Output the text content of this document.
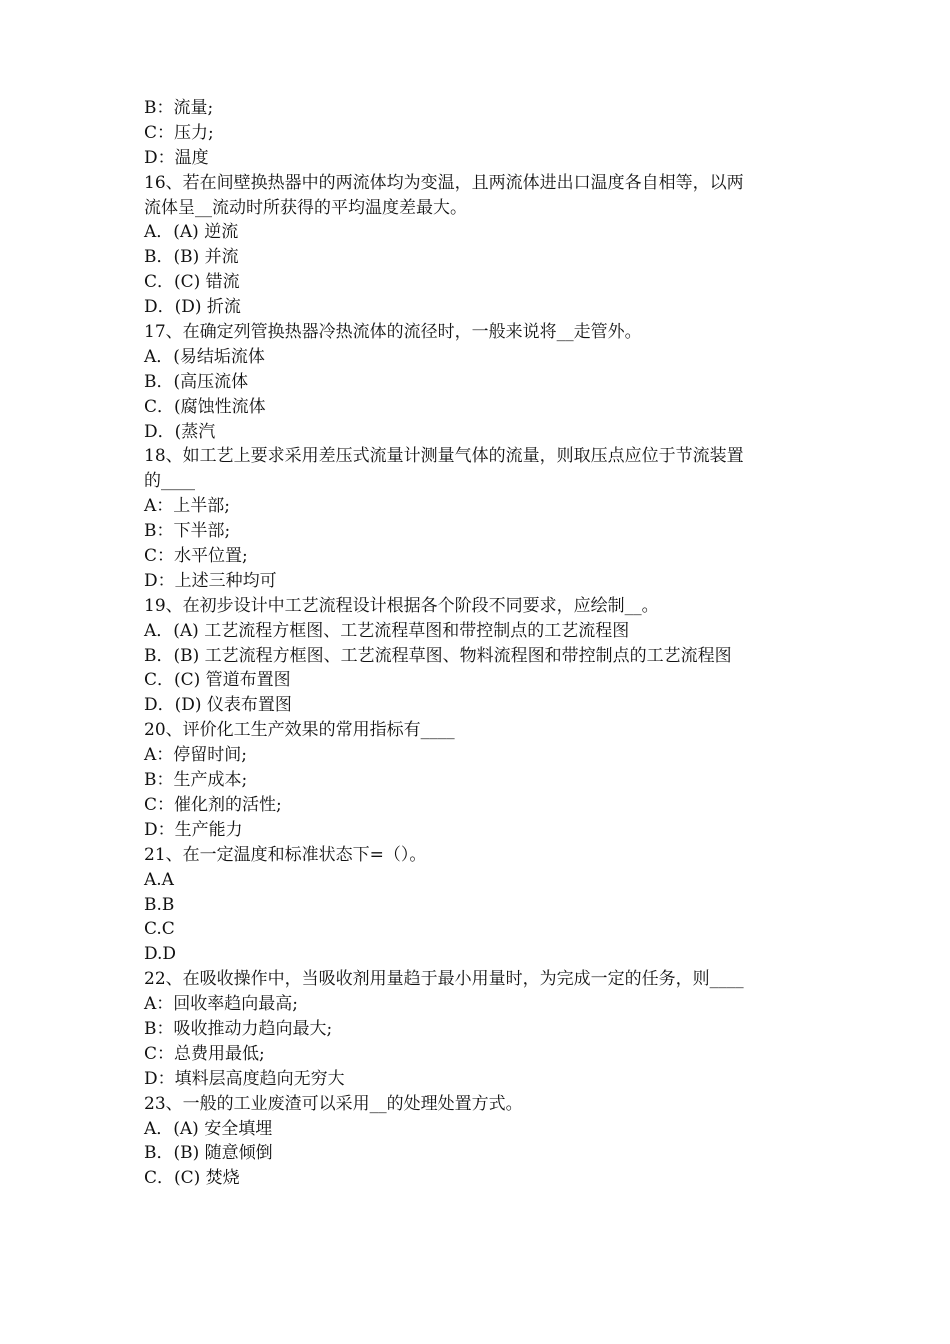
B：流量;
C：压力;
D：温度
16、若在间壁换热器中的两流体均为变温，且两流体进出口温度各自相等，以两
流体呈__流动时所获得的平均温度差最大。
A．(A) 逆流
B．(B) 并流
C．(C) 错流
D．(D) 折流
17、在确定列管换热器冷热流体的流径时，一般来说将__走管外。
A．(易结垢流体
B．(高压流体
C．(腐蚀性流体
D．(蒸汽
18、如工艺上要求采用差压式流量计测量气体的流量，则取压点应位于节流装置
的____
A：上半部;
B：下半部;
C：水平位置;
D：上述三种均可
19、在初步设计中工艺流程设计根据各个阶段不同要求，应绘制__。
A．(A) 工艺流程方框图、工艺流程草图和带控制点的工艺流程图
B．(B) 工艺流程方框图、工艺流程草图、物料流程图和带控制点的工艺流程图
C．(C) 管道布置图
D．(D) 仪表布置图
20、评价化工生产效果的常用指标有____
A：停留时间;
B：生产成本;
C：催化剂的活性;
D：生产能力
21、在一定温度和标准状态下=（）。
A.A
B.B
C.C
D.D
22、在吸收操作中，当吸收剂用量趋于最小用量时，为完成一定的任务，则____
A：回收率趋向最高;
B：吸收推动力趋向最大;
C：总费用最低;
D：填料层高度趋向无穷大
23、一般的工业废渣可以采用__的处理处置方式。
A．(A) 安全填埋
B．(B) 随意倾倒
C．(C) 焚烧
